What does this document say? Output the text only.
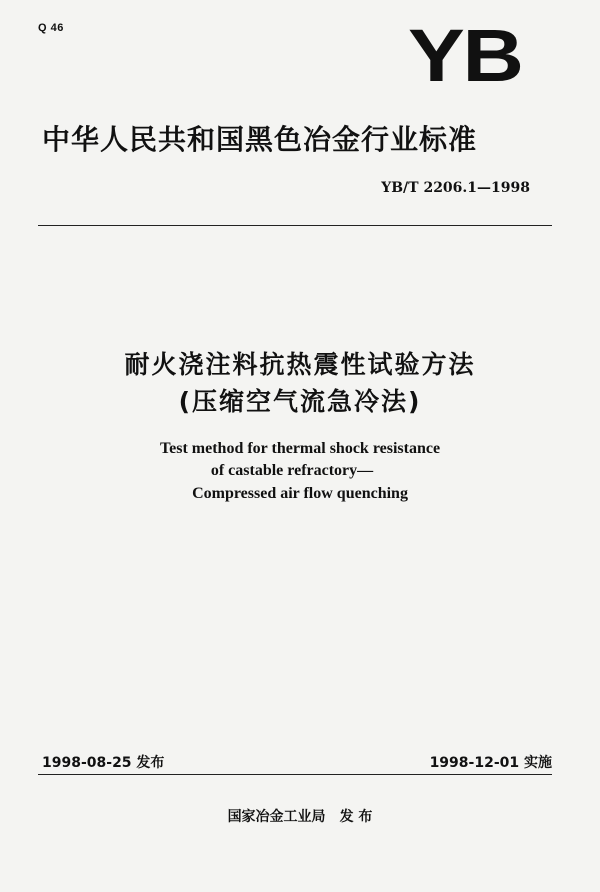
Q 46	YB
中华人民共和国黑色冶金行业标准
YB/T 2206.1—1998
耐火浇注料抗热震性试验方法
(压缩空气流急冷法)
Test method for thermal shock resistance
of castable refractory—
Compressed air flow quenching
1998-08-25 发布	1998-12-01 实施
国家冶金工业局 发 布
